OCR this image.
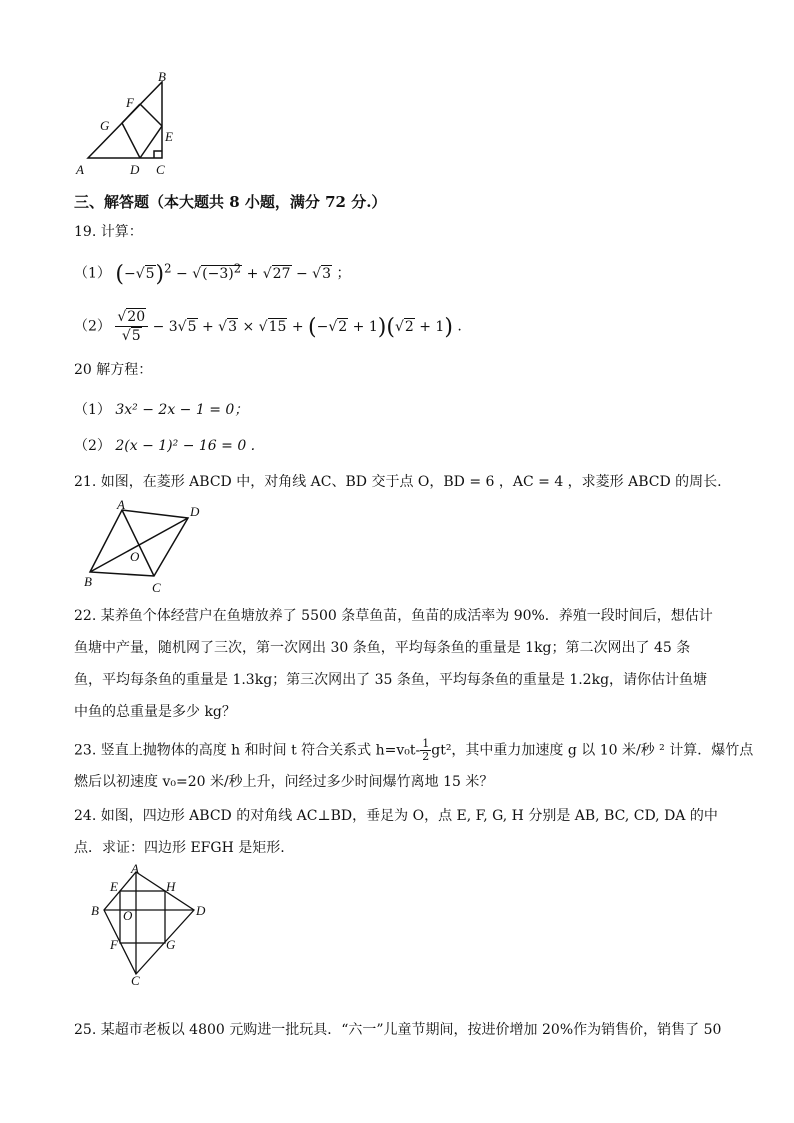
B
F
G
E
A	D C
三、解答题（本大题共 8 小题，满分 72 分.）
19. 计算：
（1） $(-√5)^2 - √(-3)^2 + √27 - √3$ ；
$(2) \frac{√20}{√5} - 3√5 + √3 \times √15 + (-√2 + 1)(√2 + 1)$ .
20 解方程：
（1） 3x² − 2x − 1 = 0；
（2） 2(x − 1)² − 16 = 0 .
21. 如图，在菱形 ABCD 中，对角线 AC、BD 交于点 O，BD = 6 ，AC = 4 ，求菱形 ABCD 的周长.
A	D
O
B	C
22. 某养鱼个体经营户在鱼塘放养了 5500 条草鱼苗，鱼苗的成活率为 90%．养殖一段时间后，想估计鱼塘中产量，随机网了三次，第一次网出 30 条鱼，平均每条鱼的重量是 1kg；第二次网出了 45 条鱼，平均每条鱼的重量是 1.3kg；第三次网出了 35 条鱼，平均每条鱼的重量是 1.2kg，请你估计鱼塘中鱼的总重量是多少 kg？
23. 竖直上抛物体的高度 h 和时间 t 符合关系式 $h=v_0t- \frac{1}{2} gt^2$，其中重力加速度 g 以 10 米/秒 ² 计算．爆竹点
燃后以初速度 v₀=20 米/秒上升，问经过多少时间爆竹离地 15 米？
24. 如图，四边形 ABCD 的对角线 AC⊥BD，垂足为 O，点 E, F, G, H 分别是 AB, BC, CD, DA 的中
点．求证：四边形 EFGH 是矩形.
A
E	H
B O	D
F	G
C
25. 某超市老板以 4800 元购进一批玩具．“六一”儿童节期间，按进价增加 20%作为销售价，销售了 50
